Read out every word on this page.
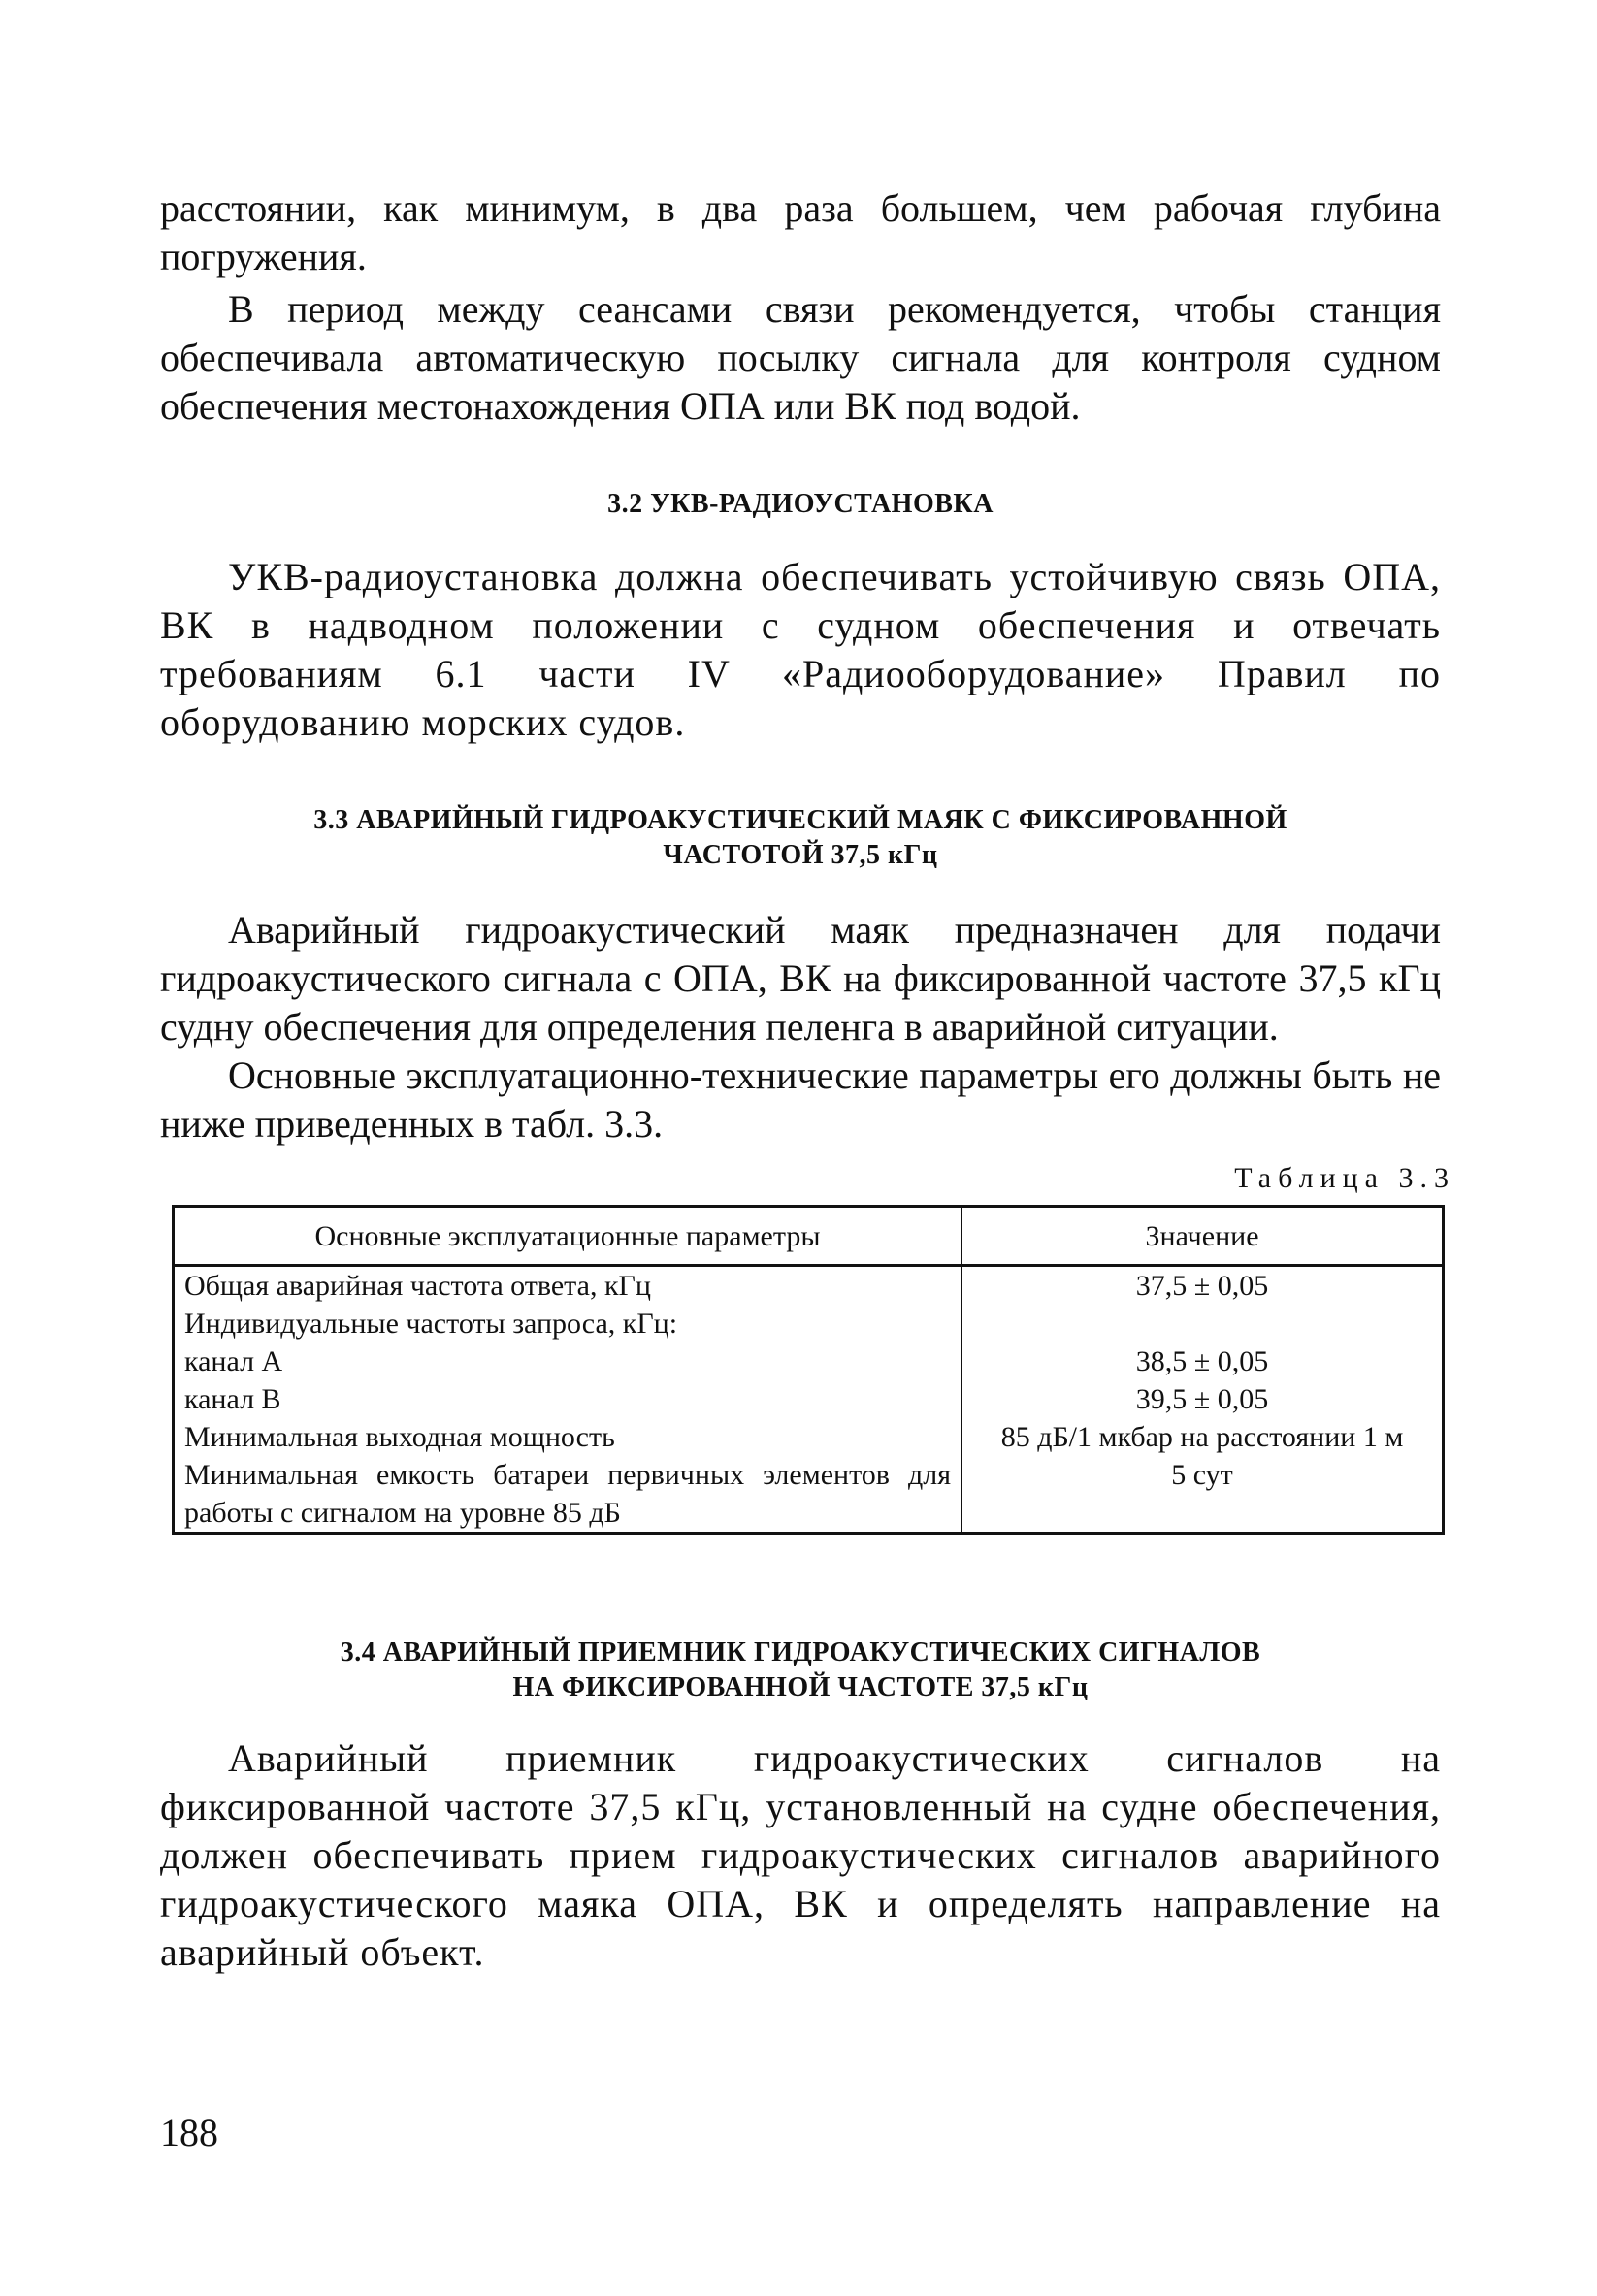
расстоянии, как минимум, в два раза большем, чем рабочая глубина погружения.

В период между сеансами связи рекомендуется, чтобы станция обеспечивала автоматическую посылку сигнала для контроля судном обеспечения местонахождения ОПА или ВК под водой.

3.2 УКВ-РАДИОУСТАНОВКА

УКВ-радиоустановка должна обеспечивать устойчивую связь ОПА, ВК в надводном положении с судном обеспечения и отвечать требованиям 6.1 части IV «Радиооборудование» Правил по оборудованию морских судов.

3.3 АВАРИЙНЫЙ ГИДРОАКУСТИЧЕСКИЙ МАЯК С ФИКСИРОВАННОЙ
ЧАСТОТОЙ 37,5 кГц

Аварийный гидроакустический маяк предназначен для подачи гидроакустического сигнала с ОПА, ВК на фиксированной частоте 37,5 кГц судну обеспечения для определения пеленга в аварийной ситуации.

Основные эксплуатационно-технические параметры его должны быть не ниже приведенных в табл. 3.3.

Таблица 3.3
Основные эксплуатационные параметры	Значение
Общая аварийная частота ответа, кГц	37,5 ± 0,05
Индивидуальные частоты запроса, кГц:	
канал А	38,5 ± 0,05
канал В	39,5 ± 0,05
Минимальная выходная мощность	85 дБ/1 мкбар на расстоянии 1 м
Минимальная емкость батареи первичных элементов для работы с сигналом на уровне 85 дБ	5 сут
3.4 АВАРИЙНЫЙ ПРИЕМНИК ГИДРОАКУСТИЧЕСКИХ СИГНАЛОВ
НА ФИКСИРОВАННОЙ ЧАСТОТЕ 37,5 кГц

Аварийный приемник гидроакустических сигналов на фиксированной частоте 37,5 кГц, установленный на судне обеспечения, должен обеспечивать прием гидроакустических сигналов аварийного гидроакустического маяка ОПА, ВК и определять направление на аварийный объект.

188
